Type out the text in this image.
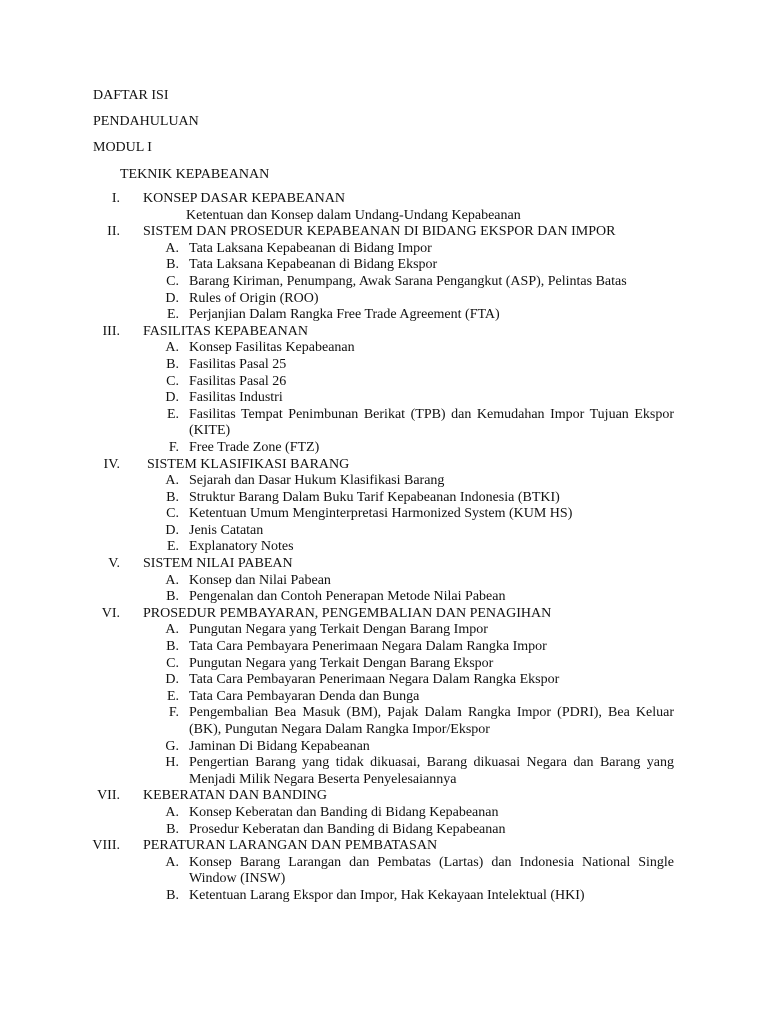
DAFTAR ISI
PENDAHULUAN
MODUL I
TEKNIK KEPABEANAN
I. KONSEP DASAR KEPABEANAN
Ketentuan dan Konsep dalam Undang-Undang Kepabeanan
II. SISTEM DAN PROSEDUR KEPABEANAN DI BIDANG EKSPOR DAN IMPOR
A. Tata Laksana Kepabeanan di Bidang Impor
B. Tata Laksana Kepabeanan di Bidang Ekspor
C. Barang Kiriman, Penumpang, Awak Sarana Pengangkut (ASP), Pelintas Batas
D. Rules of Origin (ROO)
E. Perjanjian Dalam Rangka Free Trade Agreement (FTA)
III. FASILITAS KEPABEANAN
A. Konsep Fasilitas Kepabeanan
B. Fasilitas Pasal 25
C. Fasilitas Pasal 26
D. Fasilitas Industri
E. Fasilitas Tempat Penimbunan Berikat (TPB) dan Kemudahan Impor Tujuan Ekspor (KITE)
F. Free Trade Zone (FTZ)
IV. SISTEM KLASIFIKASI BARANG
A. Sejarah dan Dasar Hukum Klasifikasi Barang
B. Struktur Barang Dalam Buku Tarif Kepabeanan Indonesia (BTKI)
C. Ketentuan Umum Menginterpretasi Harmonized System (KUM HS)
D. Jenis Catatan
E. Explanatory Notes
V. SISTEM NILAI PABEAN
A. Konsep dan Nilai Pabean
B. Pengenalan dan Contoh Penerapan Metode Nilai Pabean
VI. PROSEDUR PEMBAYARAN, PENGEMBALIAN DAN PENAGIHAN
A. Pungutan Negara yang Terkait Dengan Barang Impor
B. Tata Cara Pembayara Penerimaan Negara Dalam Rangka Impor
C. Pungutan Negara yang Terkait Dengan Barang Ekspor
D. Tata Cara Pembayaran Penerimaan Negara Dalam Rangka Ekspor
E. Tata Cara Pembayaran Denda dan Bunga
F. Pengembalian Bea Masuk (BM), Pajak Dalam Rangka Impor (PDRI), Bea Keluar (BK), Pungutan Negara Dalam Rangka Impor/Ekspor
G. Jaminan Di Bidang Kepabeanan
H. Pengertian Barang yang tidak dikuasai, Barang dikuasai Negara dan Barang yang Menjadi Milik Negara Beserta Penyelesaiannya
VII. KEBERATAN DAN BANDING
A. Konsep Keberatan dan Banding di Bidang Kepabeanan
B. Prosedur Keberatan dan Banding di Bidang Kepabeanan
VIII. PERATURAN LARANGAN DAN PEMBATASAN
A. Konsep Barang Larangan dan Pembatas (Lartas) dan Indonesia National Single Window (INSW)
B. Ketentuan Larang Ekspor dan Impor, Hak Kekayaan Intelektual (HKI)
